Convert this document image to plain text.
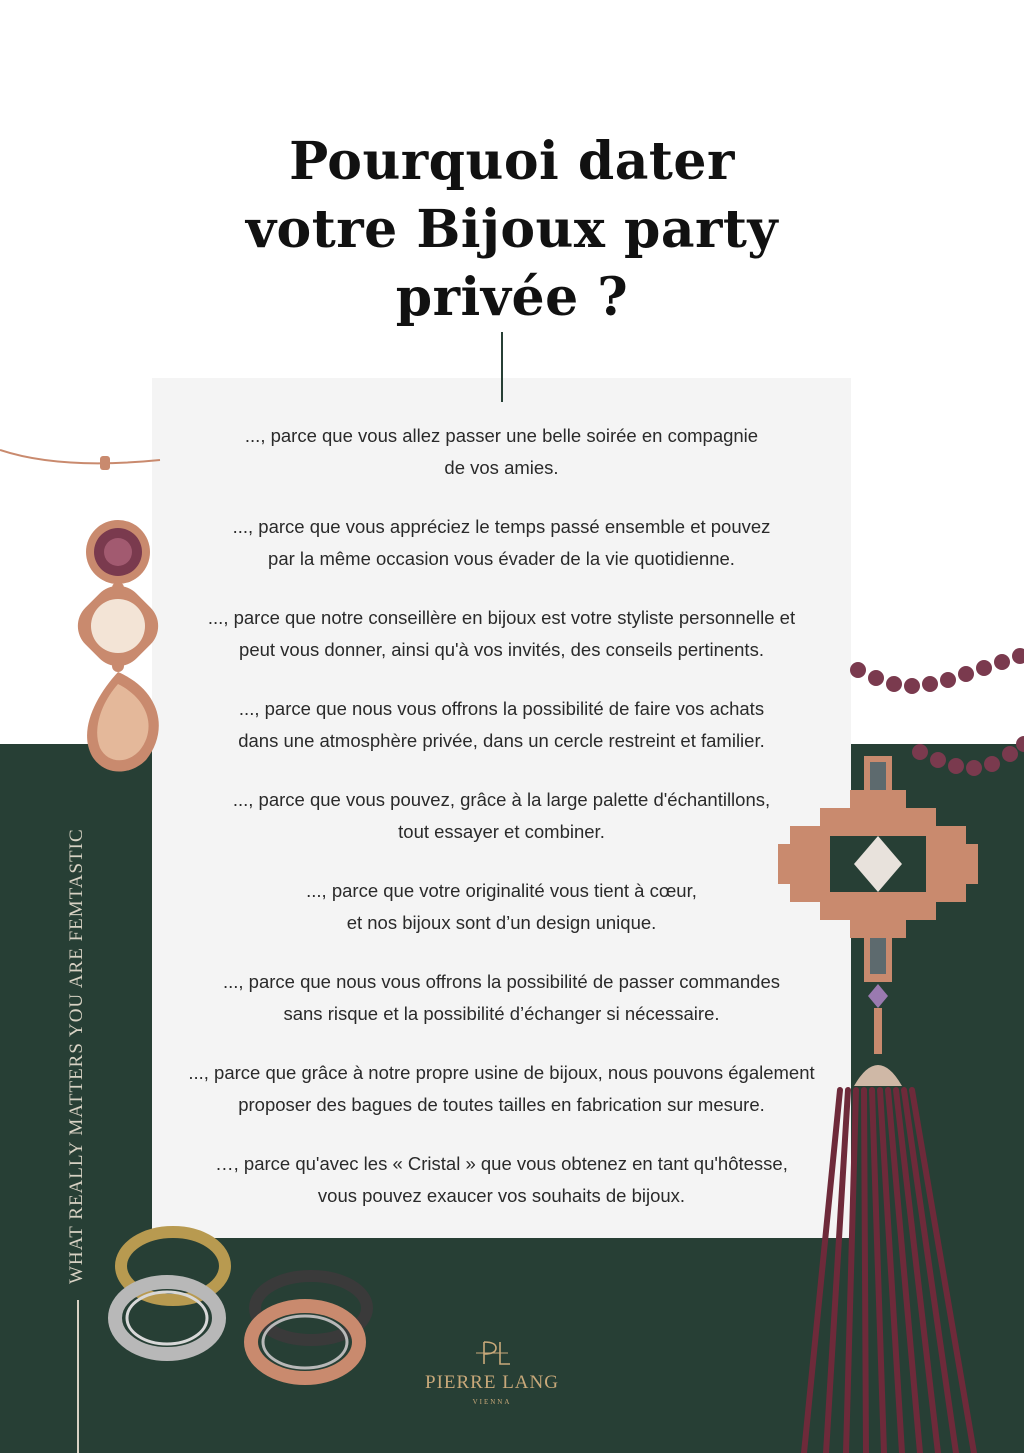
Pourquoi dater
votre Bijoux party
privée ?

..., parce que vous allez passer une belle soirée en compagnie
de vos amies.

..., parce que vous appréciez le temps passé ensemble et pouvez
par la même occasion vous évader de la vie quotidienne.

..., parce que notre conseillère en bijoux est votre styliste personnelle et
peut vous donner, ainsi qu'à vos invités, des conseils pertinents.

..., parce que nous vous offrons la possibilité de faire vos achats
dans une atmosphère privée, dans un cercle restreint et familier.

..., parce que vous pouvez, grâce à la large palette d'échantillons,
tout essayer et combiner.

..., parce que votre originalité vous tient à cœur,
et nos bijoux sont d’un design unique.

..., parce que nous vous offrons la possibilité de passer commandes
sans risque et la possibilité d’échanger si nécessaire.

..., parce que grâce à notre propre usine de bijoux, nous pouvons également
proposer des bagues de toutes tailles en fabrication sur mesure.

…, parce qu'avec les « Cristal » que vous obtenez en tant qu'hôtesse,
vous pouvez exaucer vos souhaits de bijoux.

WHAT REALLY MATTERS YOU ARE FEMTASTIC
PIERRE LANG
VIENNA
